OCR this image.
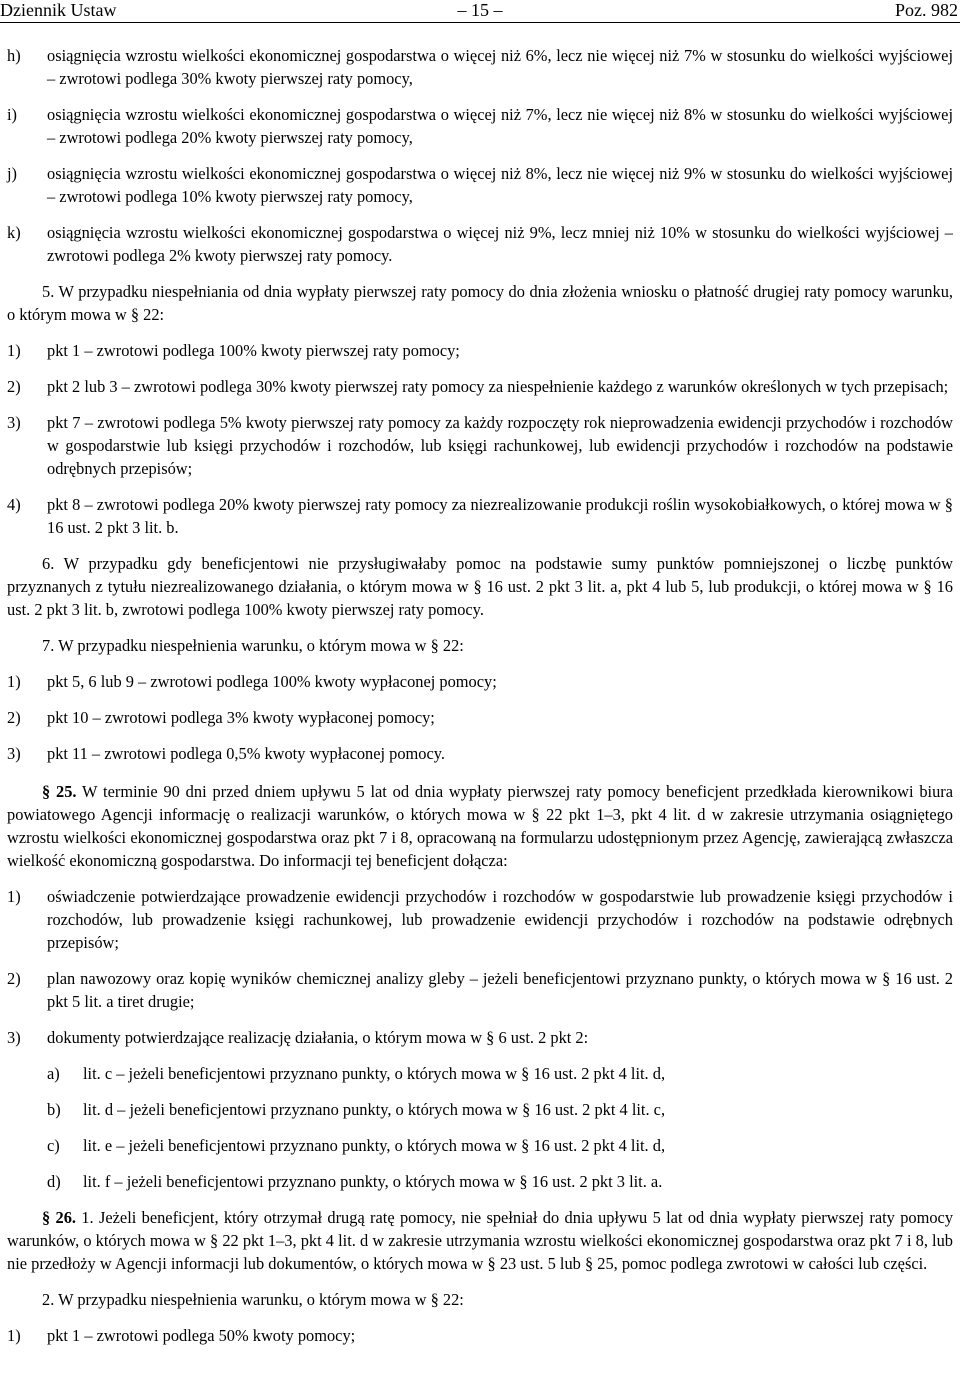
Dziennik Ustaw	– 15 –	Poz. 982
h)	osiągnięcia wzrostu wielkości ekonomicznej gospodarstwa o więcej niż 6%, lecz nie więcej niż 7% w stosunku do wielkości wyjściowej – zwrotowi podlega 30% kwoty pierwszej raty pomocy,
i)	osiągnięcia wzrostu wielkości ekonomicznej gospodarstwa o więcej niż 7%, lecz nie więcej niż 8% w stosunku do wielkości wyjściowej – zwrotowi podlega 20% kwoty pierwszej raty pomocy,
j)	osiągnięcia wzrostu wielkości ekonomicznej gospodarstwa o więcej niż 8%, lecz nie więcej niż 9% w stosunku do wielkości wyjściowej – zwrotowi podlega 10% kwoty pierwszej raty pomocy,
k)	osiągnięcia wzrostu wielkości ekonomicznej gospodarstwa o więcej niż 9%, lecz mniej niż 10% w stosunku do wielkości wyjściowej – zwrotowi podlega 2% kwoty pierwszej raty pomocy.

5. W przypadku niespełniania od dnia wypłaty pierwszej raty pomocy do dnia złożenia wniosku o płatność drugiej raty pomocy warunku, o którym mowa w § 22:

1)	pkt 1 – zwrotowi podlega 100% kwoty pierwszej raty pomocy;
2)	pkt 2 lub 3 – zwrotowi podlega 30% kwoty pierwszej raty pomocy za niespełnienie każdego z warunków określonych w tych przepisach;
3)	pkt 7 – zwrotowi podlega 5% kwoty pierwszej raty pomocy za każdy rozpoczęty rok nieprowadzenia ewidencji przychodów i rozchodów w gospodarstwie lub księgi przychodów i rozchodów, lub księgi rachunkowej, lub ewidencji przychodów i rozchodów na podstawie odrębnych przepisów;
4)	pkt 8 – zwrotowi podlega 20% kwoty pierwszej raty pomocy za niezrealizowanie produkcji roślin wysokobiałkowych, o której mowa w § 16 ust. 2 pkt 3 lit. b.

6. W przypadku gdy beneficjentowi nie przysługiwałaby pomoc na podstawie sumy punktów pomniejszonej o liczbę punktów przyznanych z tytułu niezrealizowanego działania, o którym mowa w § 16 ust. 2 pkt 3 lit. a, pkt 4 lub 5, lub produkcji, o której mowa w § 16 ust. 2 pkt 3 lit. b, zwrotowi podlega 100% kwoty pierwszej raty pomocy.

7. W przypadku niespełnienia warunku, o którym mowa w § 22:

1)	pkt 5, 6 lub 9 – zwrotowi podlega 100% kwoty wypłaconej pomocy;
2)	pkt 10 – zwrotowi podlega 3% kwoty wypłaconej pomocy;
3)	pkt 11 – zwrotowi podlega 0,5% kwoty wypłaconej pomocy.

§ 25. W terminie 90 dni przed dniem upływu 5 lat od dnia wypłaty pierwszej raty pomocy beneficjent przedkłada kierownikowi biura powiatowego Agencji informację o realizacji warunków, o których mowa w § 22 pkt 1–3, pkt 4 lit. d w zakresie utrzymania osiągniętego wzrostu wielkości ekonomicznej gospodarstwa oraz pkt 7 i 8, opracowaną na formularzu udostępnionym przez Agencję, zawierającą zwłaszcza wielkość ekonomiczną gospodarstwa. Do informacji tej beneficjent dołącza:

1)	oświadczenie potwierdzające prowadzenie ewidencji przychodów i rozchodów w gospodarstwie lub prowadzenie księgi przychodów i rozchodów, lub prowadzenie księgi rachunkowej, lub prowadzenie ewidencji przychodów i rozchodów na podstawie odrębnych przepisów;
2)	plan nawozowy oraz kopię wyników chemicznej analizy gleby – jeżeli beneficjentowi przyznano punkty, o których mowa w § 16 ust. 2 pkt 5 lit. a tiret drugie;
3)	dokumenty potwierdzające realizację działania, o którym mowa w § 6 ust. 2 pkt 2:
a)	lit. c – jeżeli beneficjentowi przyznano punkty, o których mowa w § 16 ust. 2 pkt 4 lit. d,
b)	lit. d – jeżeli beneficjentowi przyznano punkty, o których mowa w § 16 ust. 2 pkt 4 lit. c,
c)	lit. e – jeżeli beneficjentowi przyznano punkty, o których mowa w § 16 ust. 2 pkt 4 lit. d,
d)	lit. f – jeżeli beneficjentowi przyznano punkty, o których mowa w § 16 ust. 2 pkt 3 lit. a.

§ 26. 1. Jeżeli beneficjent, który otrzymał drugą ratę pomocy, nie spełniał do dnia upływu 5 lat od dnia wypłaty pierwszej raty pomocy warunków, o których mowa w § 22 pkt 1–3, pkt 4 lit. d w zakresie utrzymania wzrostu wielkości ekonomicznej gospodarstwa oraz pkt 7 i 8, lub nie przedłoży w Agencji informacji lub dokumentów, o których mowa w § 23 ust. 5 lub § 25, pomoc podlega zwrotowi w całości lub części.

2. W przypadku niespełnienia warunku, o którym mowa w § 22:

1)	pkt 1 – zwrotowi podlega 50% kwoty pomocy;
